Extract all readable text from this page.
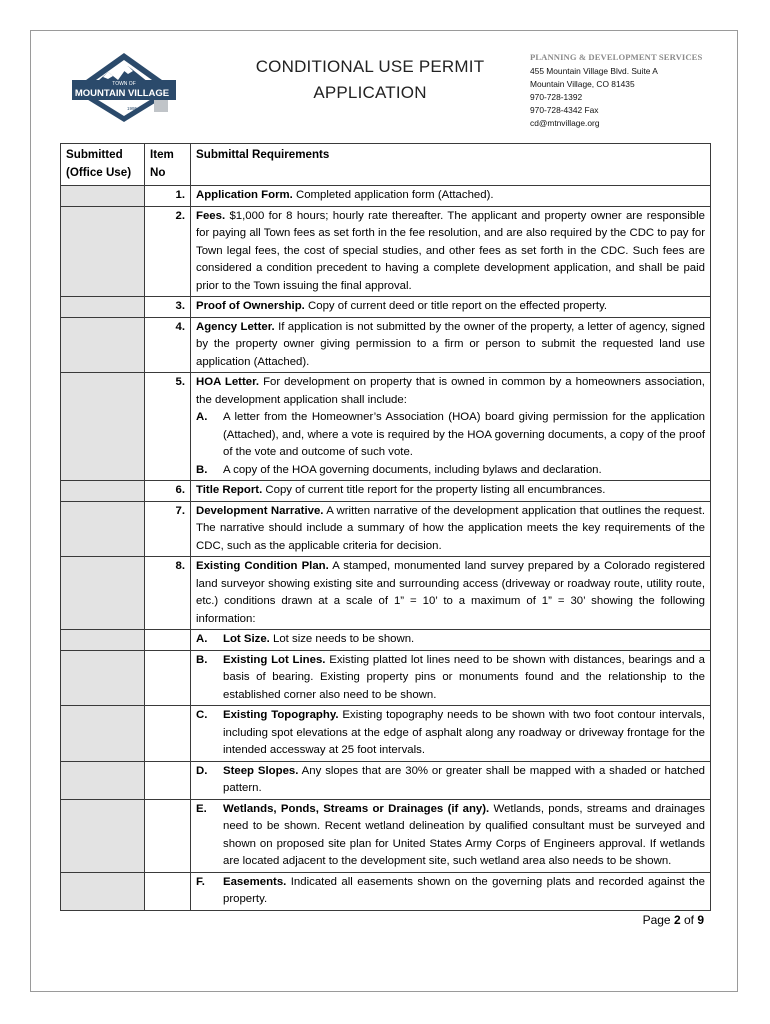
TOWN OF
MOUNTAIN VILLAGE
1995
CONDITIONAL USE PERMIT
APPLICATION
PLANNING & DEVELOPMENT SERVICES
455 Mountain Village Blvd. Suite A
Mountain Village, CO 81435
970-728-1392
970-728-4342 Fax
cd@mtnvillage.org
Submitted (Office Use)	Item No	Submittal Requirements
	1.	Application Form. Completed application form (Attached).

	2.	Fees. $1,000 for 8 hours; hourly rate thereafter. The applicant and property owner are responsible for paying all Town fees as set forth in the fee resolution, and are also required by the CDC to pay for Town legal fees, the cost of special studies, and other fees as set forth in the CDC. Such fees are considered a condition precedent to having a complete development application, and shall be paid prior to the Town issuing the final approval.

	3.	Proof of Ownership. Copy of current deed or title report on the effected property.

	4.	Agency Letter. If application is not submitted by the owner of the property, a letter of agency, signed by the property owner giving permission to a firm or person to submit the requested land use application (Attached).

	5.	HOA Letter. For development on property that is owned in common by a homeowners association, the development application shall include:
A. A letter from the Homeowner’s Association (HOA) board giving permission for the application (Attached), and, where a vote is required by the HOA governing documents, a copy of the proof of the vote and outcome of such vote.
B. A copy of the HOA governing documents, including bylaws and declaration.

	6.	Title Report. Copy of current title report for the property listing all encumbrances.

	7.	Development Narrative. A written narrative of the development application that outlines the request. The narrative should include a summary of how the application meets the key requirements of the CDC, such as the applicable criteria for decision.

	8.	Existing Condition Plan. A stamped, monumented land survey prepared by a Colorado registered land surveyor showing existing site and surrounding access (driveway or roadway route, utility route, etc.) conditions drawn at a scale of 1” = 10’ to a maximum of 1” = 30’ showing the following information:

		A. Lot Size. Lot size needs to be shown.

		B. Existing Lot Lines. Existing platted lot lines need to be shown with distances, bearings and a basis of bearing. Existing property pins or monuments found and the relationship to the established corner also need to be shown.

		C. Existing Topography. Existing topography needs to be shown with two foot contour intervals, including spot elevations at the edge of asphalt along any roadway or driveway frontage for the intended accessway at 25 foot intervals.

		D. Steep Slopes. Any slopes that are 30% or greater shall be mapped with a shaded or hatched pattern.

		E. Wetlands, Ponds, Streams or Drainages (if any). Wetlands, ponds, streams and drainages need to be shown. Recent wetland delineation by qualified consultant must be surveyed and shown on proposed site plan for United States Army Corps of Engineers approval. If wetlands are located adjacent to the development site, such wetland area also needs to be shown.

		F. Easements. Indicated all easements shown on the governing plats and recorded against the property.
Page 2 of 9
